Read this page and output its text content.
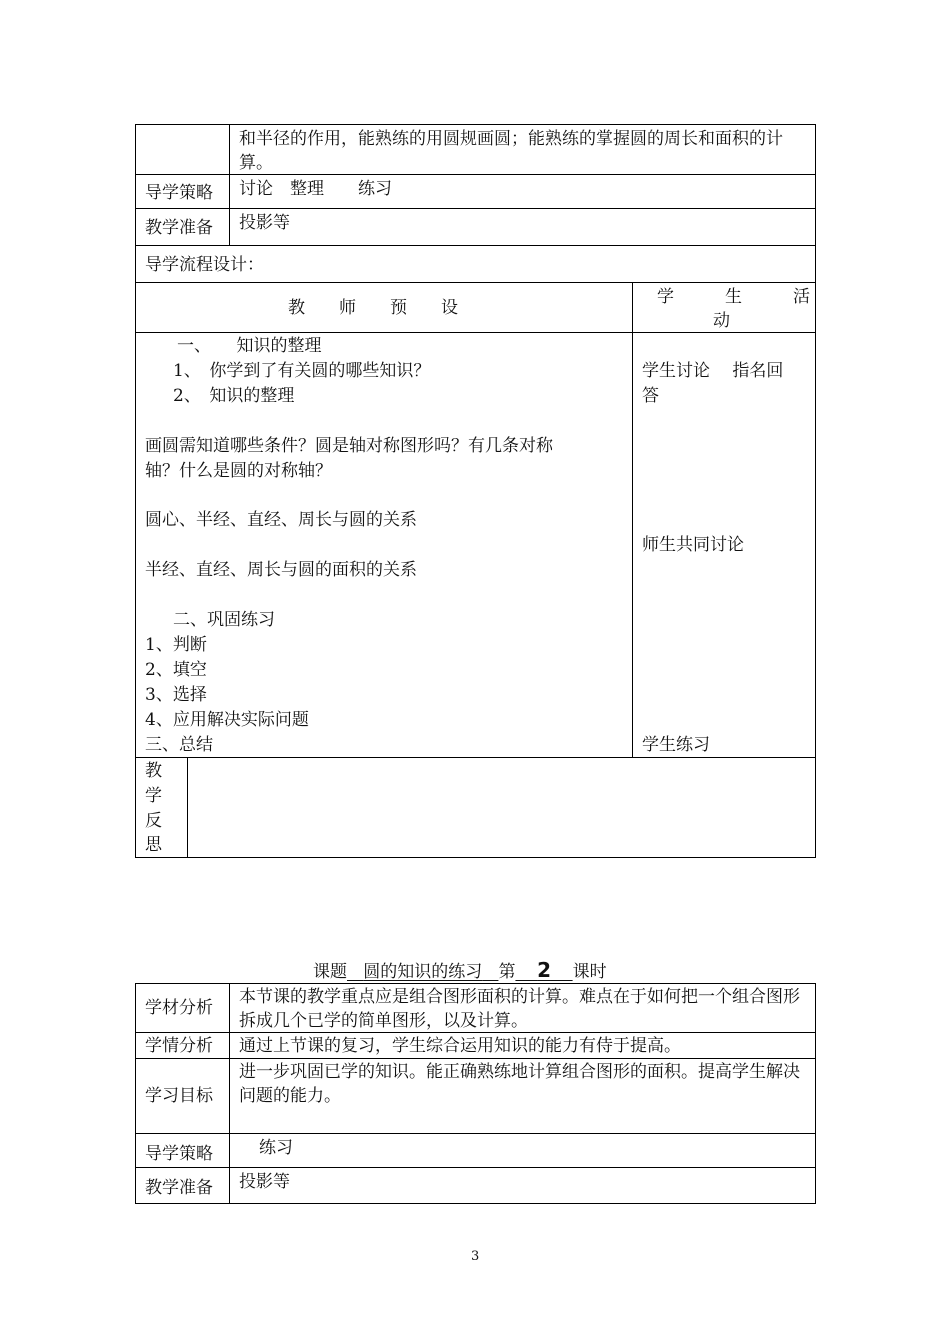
和半径的作用，能熟练的用圆规画圆；能熟练的掌握圆的周长和面积的计算。
导学策略 讨论　整理　　练习
教学准备 投影等
导学流程设计：
教　　师　　预　　设
学　　　生　　　活
动
一、　　知识的整理
1、　你学到了有关圆的哪些知识？
2、　知识的整理
画圆需知道哪些条件？圆是轴对称图形吗？有几条对称
轴？什么是圆的对称轴？
圆心、半经、直经、周长与圆的关系
半经、直经、周长与圆的面积的关系
二、巩固练习
1、判断
2、填空
3、选择
4、应用解决实际问题
三、总结
学生讨论　 指名回
答
师生共同讨论
学生练习
教
学
反
思
课题 圆的知识的练习 第 2 课时
学材分析
本节课的教学重点应是组合图形面积的计算。难点在于如何把一个组合图形拆成几个已学的简单图形，以及计算。
学情分析 通过上节课的复习，学生综合运用知识的能力有侍于提高。
学习目标
进一步巩固已学的知识。能正确熟练地计算组合图形的面积。提高学生解决问题的能力。
导学策略	练习
教学准备 投影等
3
